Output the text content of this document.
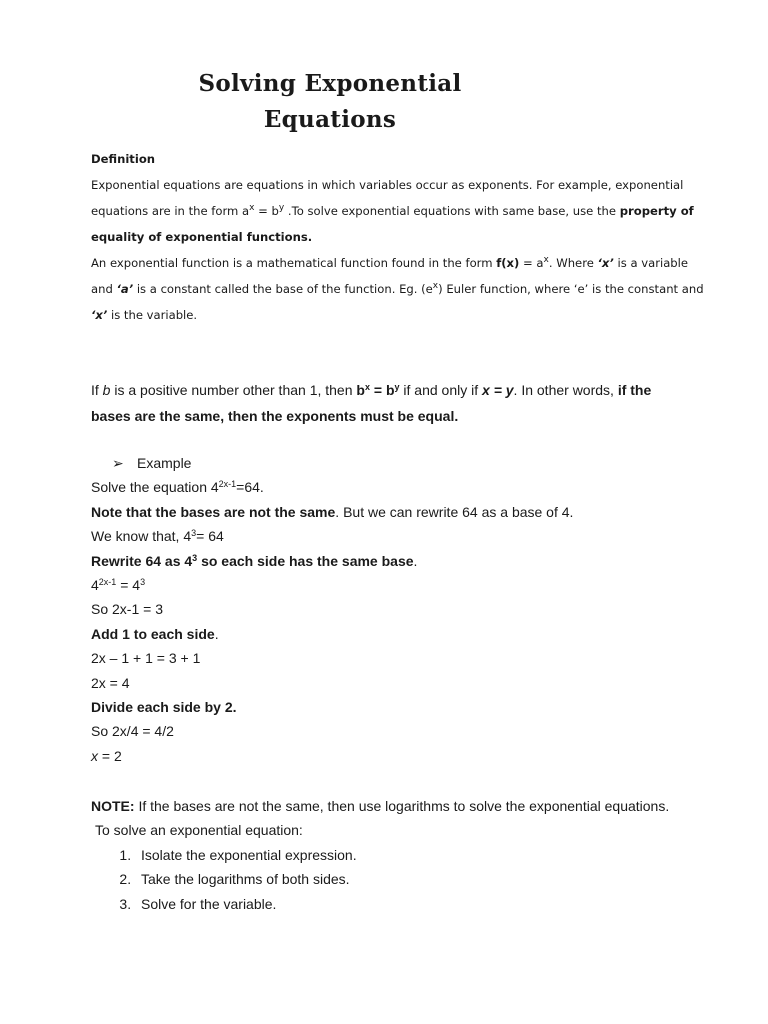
Solving Exponential
Equations
Definition
Exponential equations are equations in which variables occur as exponents. For example, exponential
equations are in the form $a^x = b^y$ .To solve exponential equations with same base, use the property of
equality of exponential functions.
An exponential function is a mathematical function found in the form $f(x) = a^x$. Where ‘x’ is a variable
and ‘a’ is a constant called the base of the function. Eg. $(e^x)$ Euler function, where ‘e’ is the constant and
‘x’ is the variable.
If b is a positive number other than 1, then $b^x = b^y$ if and only if x = y. In other words, if the
bases are the same, then the exponents must be equal.
➢ Example
Solve the equation $4^{2x-1}=64$.
Note that the bases are not the same. But we can rewrite 64 as a base of 4.
We know that, $4^3= 64$
Rewrite 64 as $4^3$ so each side has the same base.
$4^{2x-1} = 4^3$
So 2x-1 = 3
Add 1 to each side.
2x – 1 + 1 = 3 + 1
2x = 4
Divide each side by 2.
So 2x/4 = 4/2
x = 2
NOTE: If the bases are not the same, then use logarithms to solve the exponential equations.
To solve an exponential equation:
1. Isolate the exponential expression.
2. Take the logarithms of both sides.
3. Solve for the variable.
